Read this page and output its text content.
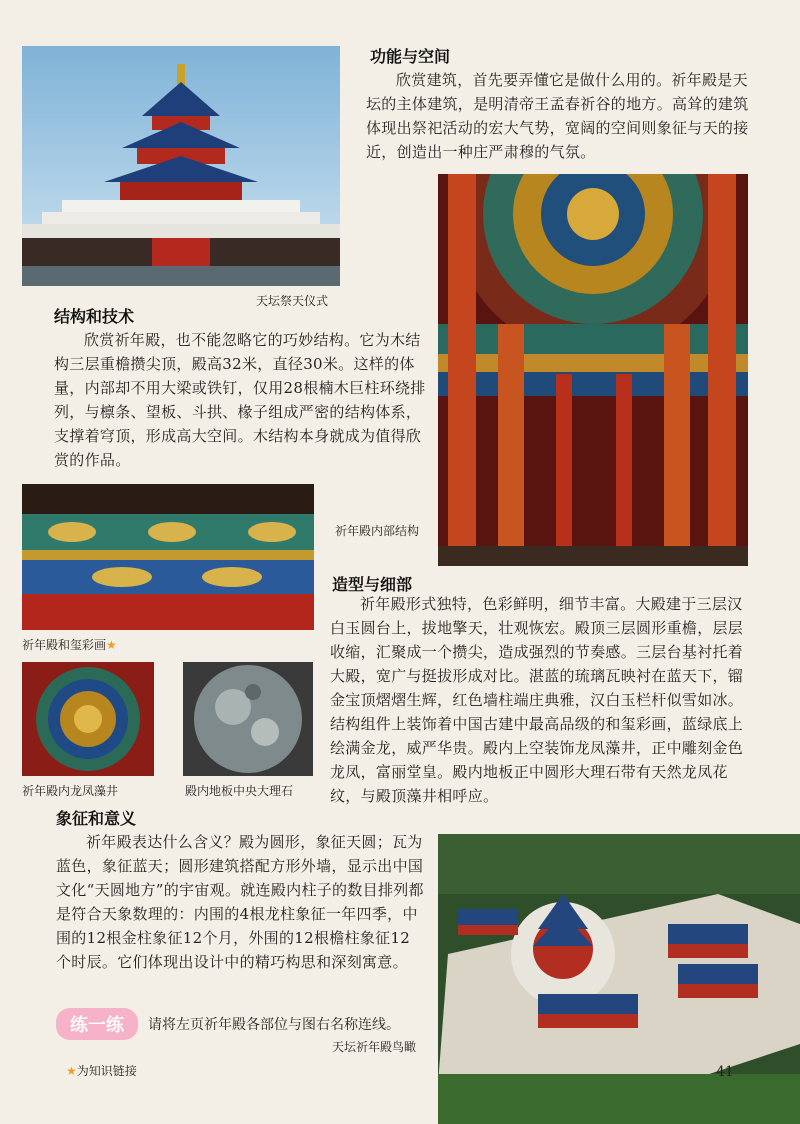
天坛祭天仪式
功能与空间

欣赏建筑，首先要弄懂它是做什么用的。祈年殿是天坛的主体建筑，是明清帝王孟春祈谷的地方。高耸的建筑体现出祭祀活动的宏大气势，宽阔的空间则象征与天的接近，创造出一种庄严肃穆的气氛。

祈年殿内部结构
结构和技术

欣赏祈年殿，也不能忽略它的巧妙结构。它为木结构三层重檐攒尖顶，殿高32米，直径30米。这样的体量，内部却不用大梁或铁钉，仅用28根楠木巨柱环绕排列，与檩条、望板、斗拱、椽子组成严密的结构体系，支撑着穹顶，形成高大空间。木结构本身就成为值得欣赏的作品。

祈年殿和玺彩画★
祈年殿内龙凤藻井	殿内地板中央大理石
造型与细部

祈年殿形式独特，色彩鲜明，细节丰富。大殿建于三层汉白玉圆台上，拔地擎天，壮观恢宏。殿顶三层圆形重檐，层层收缩，汇聚成一个攒尖，造成强烈的节奏感。三层台基衬托着大殿，宽广与挺拔形成对比。湛蓝的琉璃瓦映衬在蓝天下，镏金宝顶熠熠生辉，红色墙柱端庄典雅，汉白玉栏杆似雪如冰。结构组件上装饰着中国古建中最高品级的和玺彩画，蓝绿底上绘满金龙，威严华贵。殿内上空装饰龙凤藻井，正中雕刻金色龙凤，富丽堂皇。殿内地板正中圆形大理石带有天然龙凤花纹，与殿顶藻井相呼应。

象征和意义

祈年殿表达什么含义？殿为圆形，象征天圆；瓦为蓝色，象征蓝天；圆形建筑搭配方形外墙，显示出中国文化“天圆地方”的宇宙观。就连殿内柱子的数目排列都是符合天象数理的：内围的4根龙柱象征一年四季，中围的12根金柱象征12个月，外围的12根檐柱象征12个时辰。它们体现出设计中的精巧构思和深刻寓意。

天坛祈年殿鸟瞰
练一练	请将左页祈年殿各部位与图右名称连线。
★为知识链接	41
